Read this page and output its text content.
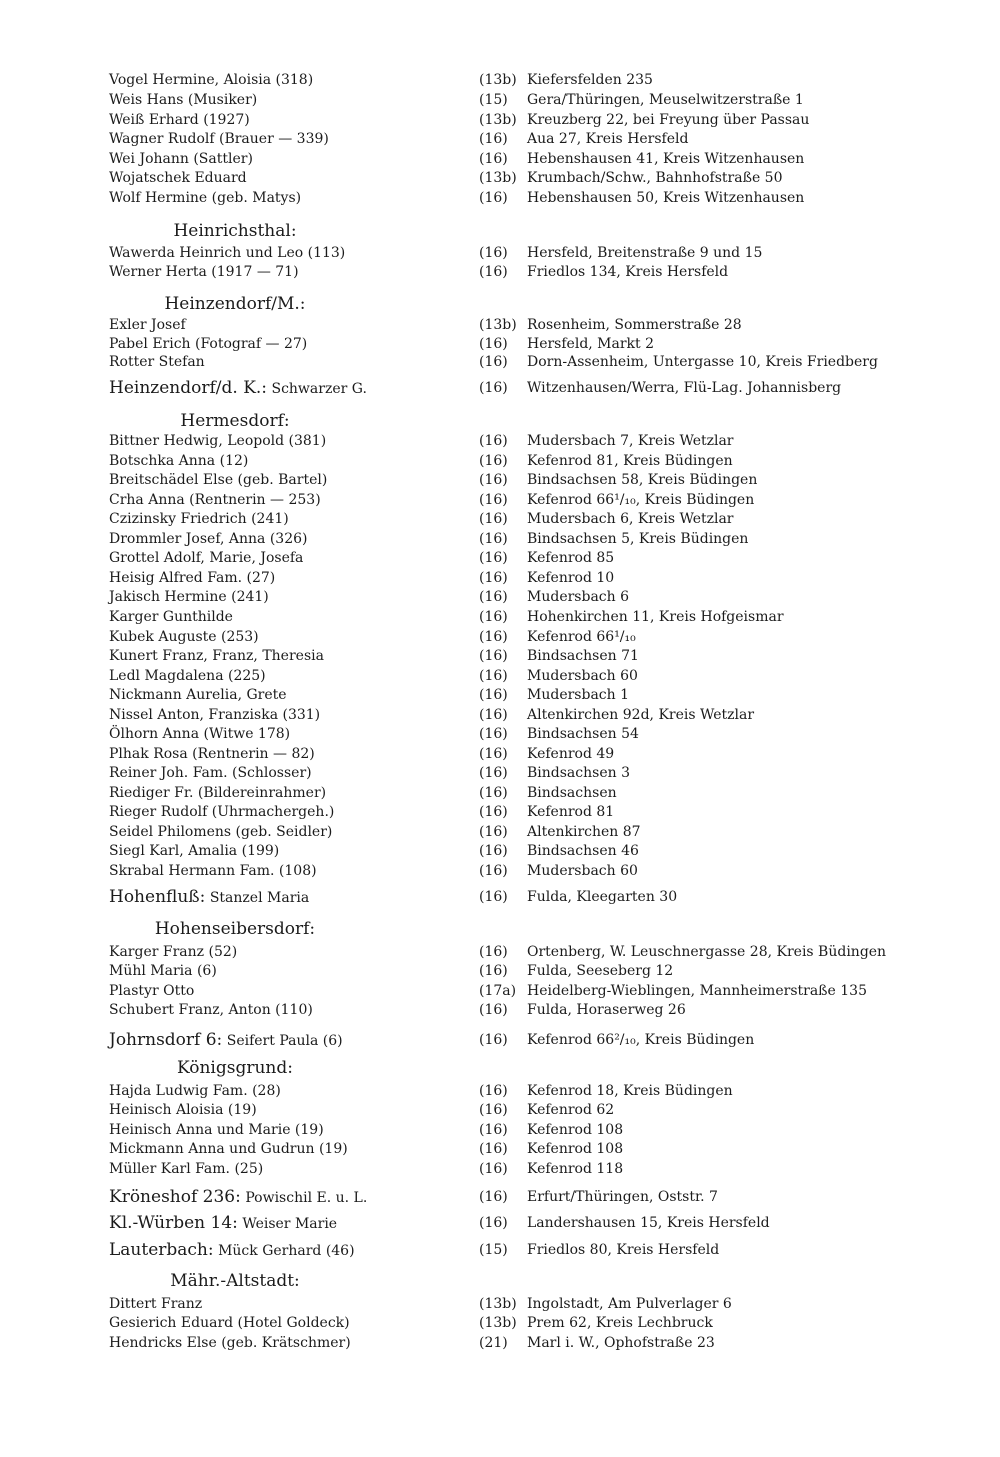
Vogel Hermine, Aloisia (318)	(13b) Kiefersfelden 235
Weis Hans (Musiker)	(15) Gera/Thüringen, Meuselwitzerstraße 1
Weiß Erhard (1927)	(13b) Kreuzberg 22, bei Freyung über Passau
Wagner Rudolf (Brauer — 339)	(16) Aua 27, Kreis Hersfeld
Wei Johann (Sattler)	(16) Hebenshausen 41, Kreis Witzenhausen
Wojatschek Eduard	(13b) Krumbach/Schw., Bahnhofstraße 50
Wolf Hermine (geb. Matys)	(16) Hebenshausen 50, Kreis Witzenhausen
Heinrichsthal:
Wawerda Heinrich und Leo (113)	(16) Hersfeld, Breitenstraße 9 und 15
Werner Herta (1917 — 71)	(16) Friedlos 134, Kreis Hersfeld
Heinzendorf/M.:
Exler Josef	(13b) Rosenheim, Sommerstraße 28
Pabel Erich (Fotograf — 27)	(16) Hersfeld, Markt 2
Rotter Stefan	(16) Dorn-Assenheim, Untergasse 10, Kreis Friedberg
Heinzendorf/d. K.: Schwarzer G.	(16) Witzenhausen/Werra, Flü-Lag. Johannisberg
Hermesdorf:
Bittner Hedwig, Leopold (381)	(16) Mudersbach 7, Kreis Wetzlar
Botschka Anna (12)	(16) Kefenrod 81, Kreis Büdingen
Breitschädel Else (geb. Bartel)	(16) Bindsachsen 58, Kreis Büdingen
Crha Anna (Rentnerin — 253)	(16) Kefenrod 66¹/₁₀, Kreis Büdingen
Czizinsky Friedrich (241)	(16) Mudersbach 6, Kreis Wetzlar
Drommler Josef, Anna (326)	(16) Bindsachsen 5, Kreis Büdingen
Grottel Adolf, Marie, Josefa	(16) Kefenrod 85
Heisig Alfred Fam. (27)	(16) Kefenrod 10
Jakisch Hermine (241)	(16) Mudersbach 6
Karger Gunthilde	(16) Hohenkirchen 11, Kreis Hofgeismar
Kubek Auguste (253)	(16) Kefenrod 66¹/₁₀
Kunert Franz, Franz, Theresia	(16) Bindsachsen 71
Ledl Magdalena (225)	(16) Mudersbach 60
Nickmann Aurelia, Grete	(16) Mudersbach 1
Nissel Anton, Franziska (331)	(16) Altenkirchen 92d, Kreis Wetzlar
Ölhorn Anna (Witwe 178)	(16) Bindsachsen 54
Plhak Rosa (Rentnerin — 82)	(16) Kefenrod 49
Reiner Joh. Fam. (Schlosser)	(16) Bindsachsen 3
Riediger Fr. (Bildereinrahmer)	(16) Bindsachsen
Rieger Rudolf (Uhrmachergeh.)	(16) Kefenrod 81
Seidel Philomens (geb. Seidler)	(16) Altenkirchen 87
Siegl Karl, Amalia (199)	(16) Bindsachsen 46
Skrabal Hermann Fam. (108)	(16) Mudersbach 60
Hohenfluß: Stanzel Maria	(16) Fulda, Kleegarten 30
Hohenseibersdorf:
Karger Franz (52)	(16) Ortenberg, W. Leuschnergasse 28, Kreis Büdingen
Mühl Maria (6)	(16) Fulda, Seeseberg 12
Plastyr Otto	(17a) Heidelberg-Wieblingen, Mannheimerstraße 135
Schubert Franz, Anton (110)	(16) Fulda, Horaserweg 26
Johrnsdorf 6: Seifert Paula (6)	(16) Kefenrod 66²/₁₀, Kreis Büdingen
Königsgrund:
Hajda Ludwig Fam. (28)	(16) Kefenrod 18, Kreis Büdingen
Heinisch Aloisia (19)	(16) Kefenrod 62
Heinisch Anna und Marie (19)	(16) Kefenrod 108
Mickmann Anna und Gudrun (19)	(16) Kefenrod 108
Müller Karl Fam. (25)	(16) Kefenrod 118
Kröneshof 236: Powischil E. u. L.	(16) Erfurt/Thüringen, Oststr. 7
Kl.-Würben 14: Weiser Marie	(16) Landershausen 15, Kreis Hersfeld
Lauterbach: Mück Gerhard (46)	(15) Friedlos 80, Kreis Hersfeld
Mähr.-Altstadt:
Dittert Franz	(13b) Ingolstadt, Am Pulverlager 6
Gesierich Eduard (Hotel Goldeck)	(13b) Prem 62, Kreis Lechbruck
Hendricks Else (geb. Krätschmer)	(21) Marl i. W., Ophofstraße 23
